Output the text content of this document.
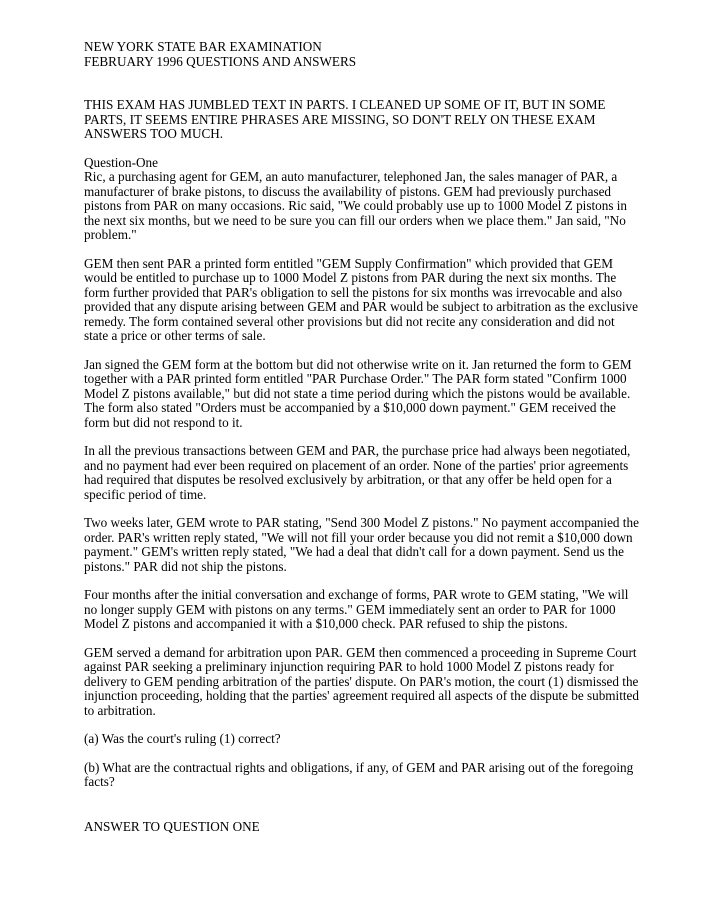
NEW YORK STATE BAR EXAMINATION

FEBRUARY 1996 QUESTIONS AND ANSWERS

THIS EXAM HAS JUMBLED TEXT IN PARTS. I CLEANED UP SOME OF IT, BUT IN SOME PARTS, IT SEEMS ENTIRE PHRASES ARE MISSING, SO DON'T RELY ON THESE EXAM ANSWERS TOO MUCH.

Question-One

Ric, a purchasing agent for GEM, an auto manufacturer, telephoned Jan, the sales manager of PAR, a manufacturer of brake pistons, to discuss the availability of pistons. GEM had previously purchased pistons from PAR on many occasions. Ric said, "We could probably use up to 1000 Model Z pistons in the next six months, but we need to be sure you can fill our orders when we place them." Jan said, "No problem."

GEM then sent PAR a printed form entitled "GEM Supply Confirmation" which provided that GEM would be entitled to purchase up to 1000 Model Z pistons from PAR during the next six months. The form further provided that PAR's obligation to sell the pistons for six months was irrevocable and also provided that any dispute arising between GEM and PAR would be subject to arbitration as the exclusive remedy. The form contained several other provisions but did not recite any consideration and did not state a price or other terms of sale.

Jan signed the GEM form at the bottom but did not otherwise write on it. Jan returned the form to GEM together with a PAR printed form entitled "PAR Purchase Order." The PAR form stated "Confirm 1000 Model Z pistons available," but did not state a time period during which the pistons would be available. The form also stated "Orders must be accompanied by a $10,000 down payment." GEM received the form but did not respond to it.

In all the previous transactions between GEM and PAR, the purchase price had always been negotiated, and no payment had ever been required on placement of an order. None of the parties' prior agreements had required that disputes be resolved exclusively by arbitration, or that any offer be held open for a specific period of time.

Two weeks later, GEM wrote to PAR stating, "Send 300 Model Z pistons." No payment accompanied the order. PAR's written reply stated, "We will not fill your order because you did not remit a $10,000 down payment." GEM's written reply stated, "We had a deal that didn't call for a down payment. Send us the pistons." PAR did not ship the pistons.

Four months after the initial conversation and exchange of forms, PAR wrote to GEM stating, "We will no longer supply GEM with pistons on any terms." GEM immediately sent an order to PAR for 1000 Model Z pistons and accompanied it with a $10,000 check. PAR refused to ship the pistons.

GEM served a demand for arbitration upon PAR. GEM then commenced a proceeding in Supreme Court against PAR seeking a preliminary injunction requiring PAR to hold 1000 Model Z pistons ready for delivery to GEM pending arbitration of the parties' dispute. On PAR's motion, the court (1) dismissed the injunction proceeding, holding that the parties' agreement required all aspects of the dispute be submitted to arbitration.

(a) Was the court's ruling (1) correct?

(b) What are the contractual rights and obligations, if any, of GEM and PAR arising out of the foregoing facts?

ANSWER TO QUESTION ONE
